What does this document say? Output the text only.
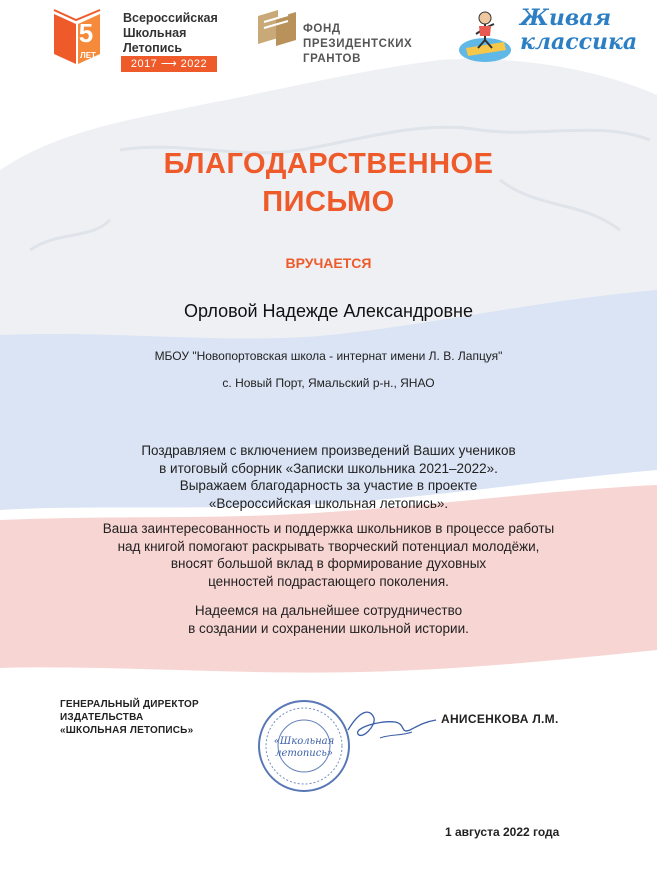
5
ЛЕТ
Всероссийская
Школьная
Летопись
2017 ⟶ 2022
ФОНД
ПРЕЗИДЕНТСКИХ
ГРАНТОВ
Живая
классика
БЛАГОДАРСТВЕННОЕ
ПИСЬМО
ВРУЧАЕТСЯ
Орловой Надежде Александровне
МБОУ "Новопортовская школа - интернат имени Л. В. Лапцуя"
с. Новый Порт, Ямальский р-н., ЯНАО
Поздравляем с включением произведений Ваших учеников
в итоговый сборник «Записки школьника 2021–2022».
Выражаем благодарность за участие в проекте
«Всероссийская школьная летопись».
Ваша заинтересованность и поддержка школьников в процессе работы
над книгой помогают раскрывать творческий потенциал молодёжи,
вносят большой вклад в формирование духовных
ценностей подрастающего поколения.
Надеемся на дальнейшее сотрудничество
в создании и сохранении школьной истории.
ГЕНЕРАЛЬНЫЙ ДИРЕКТОР
ИЗДАТЕЛЬСТВА
«ШКОЛЬНАЯ ЛЕТОПИСЬ»
«Школьная
летопись»
АНИСЕНКОВА Л.М.
1 августа 2022 года
